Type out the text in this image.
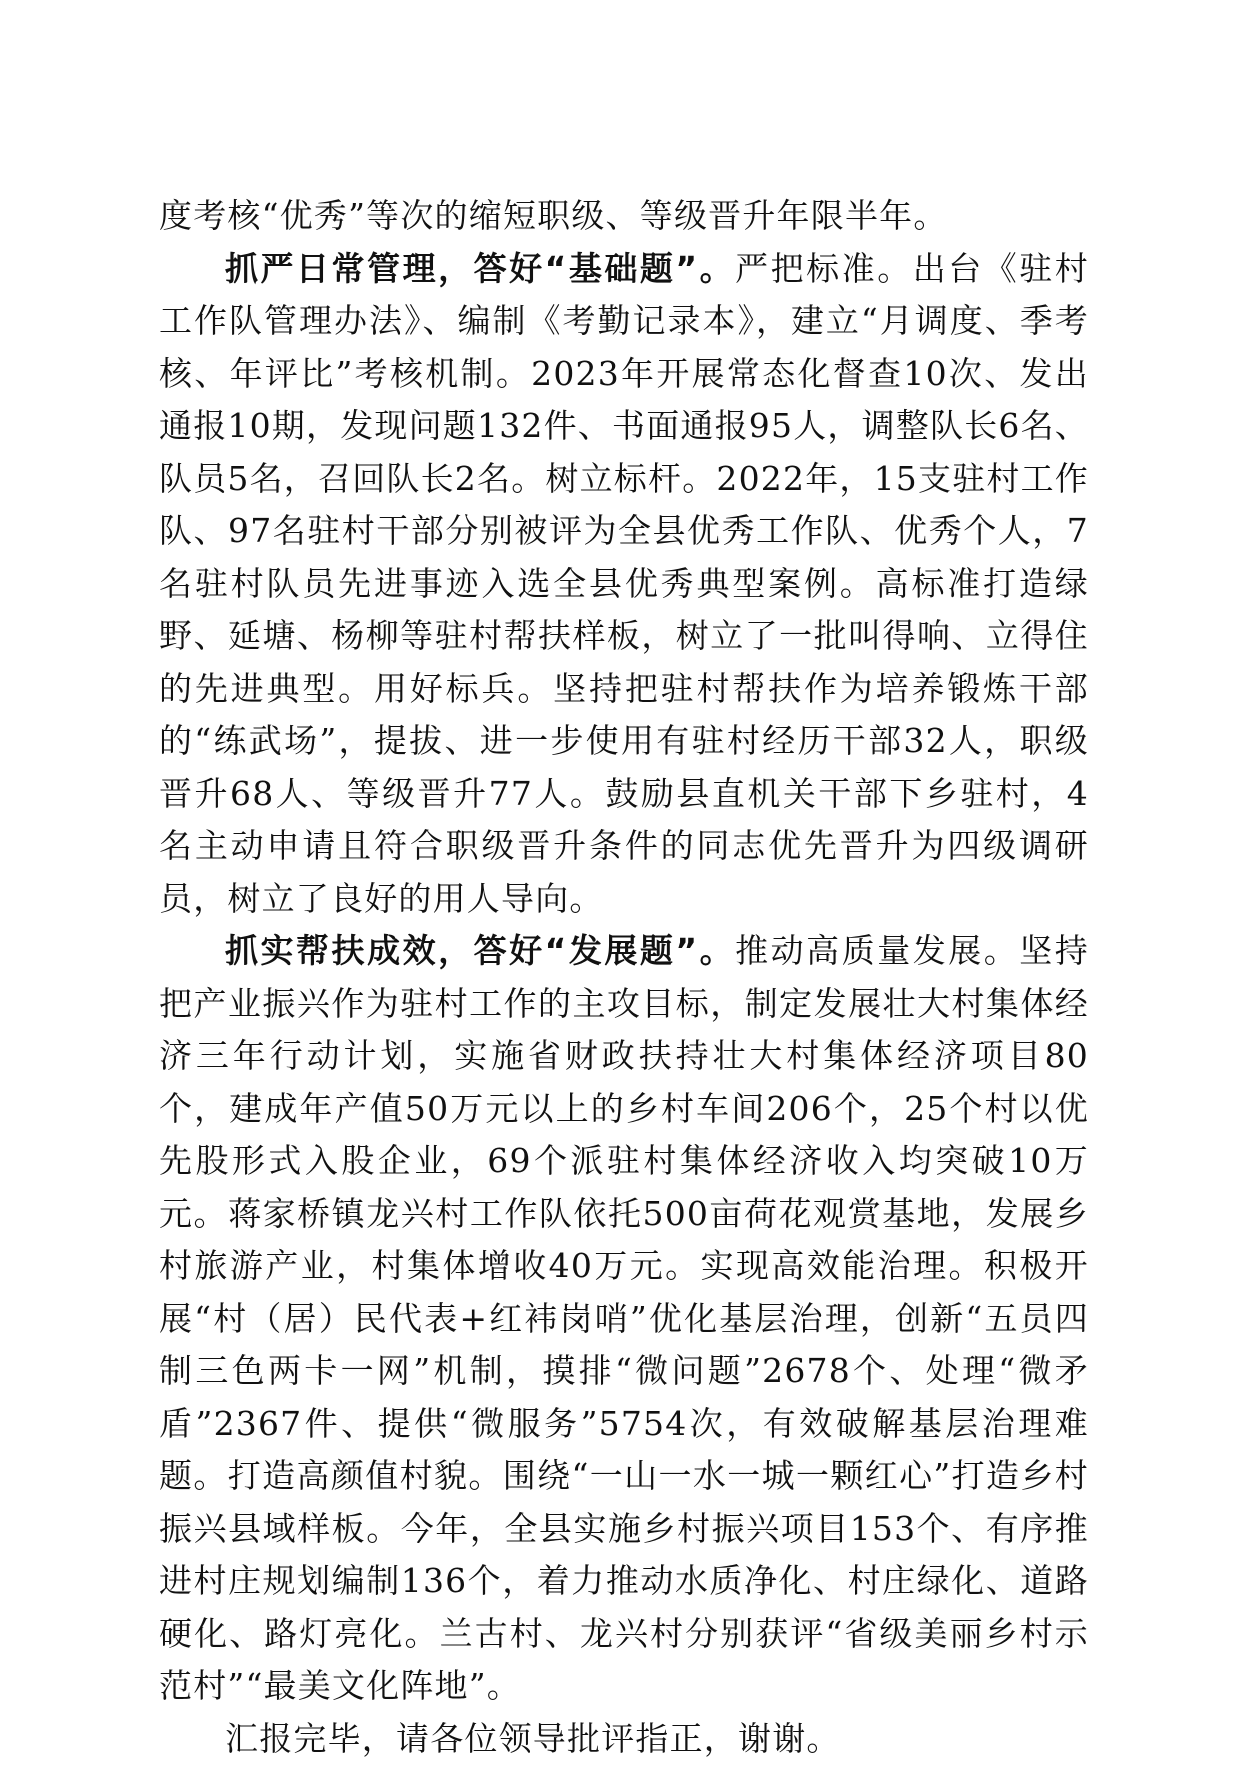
度考核“优秀”等次的缩短职级、等级晋升年限半年。

抓严日常管理，答好“基础题”。严把标准。出台《驻村工作队管理办法》、编制《考勤记录本》，建立“月调度、季考核、年评比”考核机制。2023年开展常态化督查10次、发出通报10期，发现问题132件、书面通报95人，调整队长6名、队员5名，召回队长2名。树立标杆。2022年，15支驻村工作队、97名驻村干部分别被评为全县优秀工作队、优秀个人，7名驻村队员先进事迹入选全县优秀典型案例。高标准打造绿野、延塘、杨柳等驻村帮扶样板，树立了一批叫得响、立得住的先进典型。用好标兵。坚持把驻村帮扶作为培养锻炼干部的“练武场”，提拔、进一步使用有驻村经历干部32人，职级晋升68人、等级晋升77人。鼓励县直机关干部下乡驻村，4名主动申请且符合职级晋升条件的同志优先晋升为四级调研员，树立了良好的用人导向。

抓实帮扶成效，答好“发展题”。推动高质量发展。坚持把产业振兴作为驻村工作的主攻目标，制定发展壮大村集体经济三年行动计划，实施省财政扶持壮大村集体经济项目80个，建成年产值50万元以上的乡村车间206个，25个村以优先股形式入股企业，69个派驻村集体经济收入均突破10万元。蒋家桥镇龙兴村工作队依托500亩荷花观赏基地，发展乡村旅游产业，村集体增收40万元。实现高效能治理。积极开展“村（居）民代表+红袆岗哨”优化基层治理，创新“五员四制三色两卡一网”机制，摸排“微问题”2678个、处理“微矛盾”2367件、提供“微服务”5754次，有效破解基层治理难题。打造高颜值村貌。围绕“一山一水一城一颗红心”打造乡村振兴县域样板。今年，全县实施乡村振兴项目153个、有序推进村庄规划编制136个，着力推动水质净化、村庄绿化、道路硬化、路灯亮化。兰古村、龙兴村分别获评“省级美丽乡村示范村”“最美文化阵地”。

汇报完毕，请各位领导批评指正，谢谢。
